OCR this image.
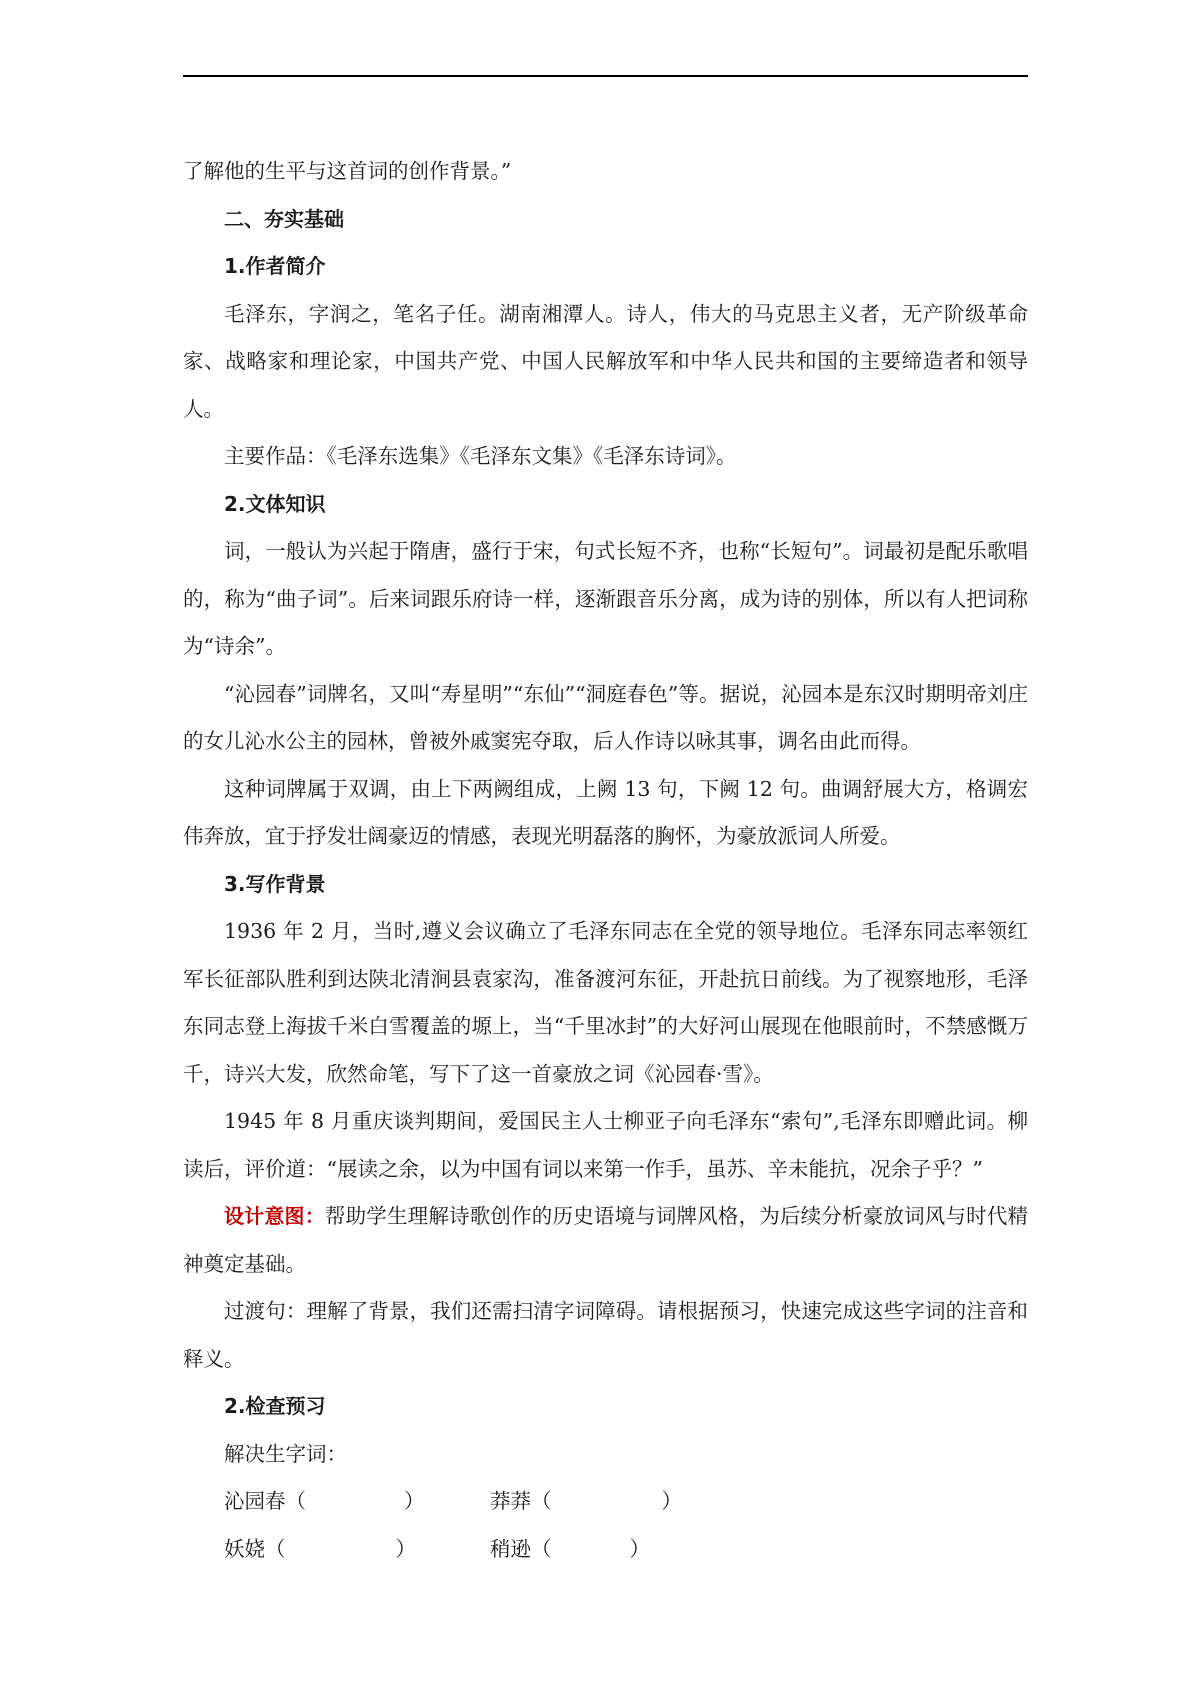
了解他的生平与这首词的创作背景。”

二、夯实基础

1.作者简介

毛泽东，字润之，笔名子任。湖南湘潭人。诗人，伟大的马克思主义者，无产阶级革命家、战略家和理论家，中国共产党、中国人民解放军和中华人民共和国的主要缔造者和领导人。

主要作品：《毛泽东选集》《毛泽东文集》《毛泽东诗词》。

2.文体知识

词，一般认为兴起于隋唐，盛行于宋，句式长短不齐，也称“长短句”。词最初是配乐歌唱的，称为“曲子词”。后来词跟乐府诗一样，逐渐跟音乐分离，成为诗的别体，所以有人把词称为“诗余”。

“沁园春”词牌名，又叫“寿星明”“东仙”“洞庭春色”等。据说，沁园本是东汉时期明帝刘庄的女儿沁水公主的园林，曾被外戚窦宪夺取，后人作诗以咏其事，调名由此而得。

这种词牌属于双调，由上下两阙组成，上阙 13 句，下阙 12 句。曲调舒展大方，格调宏伟奔放，宜于抒发壮阔豪迈的情感，表现光明磊落的胸怀，为豪放派词人所爱。

3.写作背景

1936 年 2 月，当时,遵义会议确立了毛泽东同志在全党的领导地位。毛泽东同志率领红军长征部队胜利到达陕北清涧县袁家沟，准备渡河东征，开赴抗日前线。为了视察地形，毛泽东同志登上海拔千米白雪覆盖的塬上，当“千里冰封”的大好河山展现在他眼前时，不禁感慨万千，诗兴大发，欣然命笔，写下了这一首豪放之词《沁园春·雪》。

1945 年 8 月重庆谈判期间，爱国民主人士柳亚子向毛泽东“索句”,毛泽东即赠此词。柳读后，评价道：“展读之余，以为中国有词以来第一作手，虽苏、辛未能抗，况余子乎？”

设计意图：帮助学生理解诗歌创作的历史语境与词牌风格，为后续分析豪放词风与时代精神奠定基础。

过渡句：理解了背景，我们还需扫清字词障碍。请根据预习，快速完成这些字词的注音和释义。

2.检查预习

解决生字词：

沁园春 （	）	莽莽 （	）
妖娆 （	）	稍逊 （	）
